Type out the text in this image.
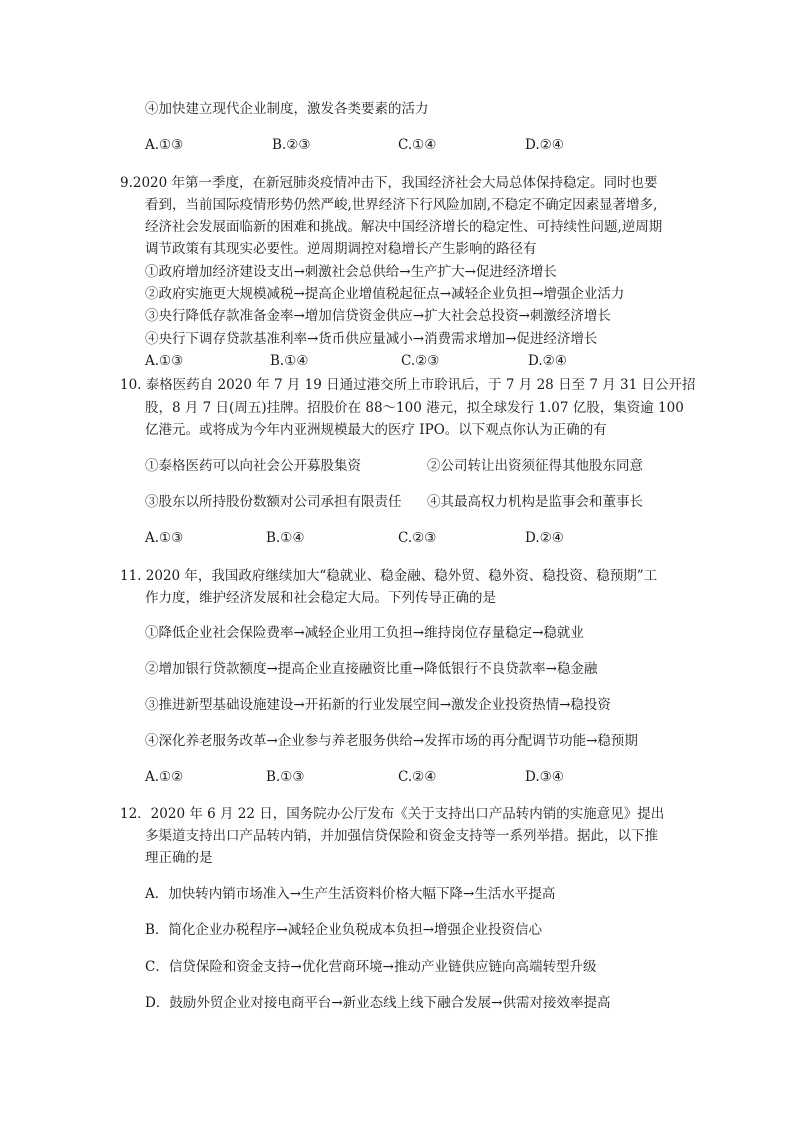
④加快建立现代企业制度，激发各类要素的活力
A.①③	B.②③	C.①④	D.②④
9.2020 年第一季度，在新冠肺炎疫情冲击下，我国经济社会大局总体保持稳定。同时也要
看到，当前国际疫情形势仍然严峻,世界经济下行风险加剧,不稳定不确定因素显著增多,
经济社会发展面临新的困难和挑战。解决中国经济增长的稳定性、可持续性问题,逆周期
调节政策有其现实必要性。逆周期调控对稳增长产生影响的路径有
①政府增加经济建设支出→刺激社会总供给→生产扩大→促进经济增长
②政府实施更大规模减税→提高企业增值税起征点→减轻企业负担→增强企业活力
③央行降低存款准备金率→增加信贷资金供应→扩大社会总投资→刺激经济增长
④央行下调存贷款基准利率→货币供应量减小→消费需求增加→促进经济增长
A.①③	B.①④	C.②③	D.②④
10. 泰格医药自 2020 年 7 月 19 日通过港交所上市聆讯后，于 7 月 28 日至 7 月 31 日公开招
股，8 月 7 日(周五)挂牌。招股价在 88～100 港元，拟全球发行 1.07 亿股，集资逾 100
亿港元。或将成为今年内亚洲规模最大的医疗 IPO。以下观点你认为正确的有
①泰格医药可以向社会公开募股集资	②公司转让出资须征得其他股东同意
③股东以所持股份数额对公司承担有限责任 ④其最高权力机构是监事会和董事长
A.①③	B.①④	C.②③	D.②④
11. 2020 年，我国政府继续加大“稳就业、稳金融、稳外贸、稳外资、稳投资、稳预期”工
作力度，维护经济发展和社会稳定大局。下列传导正确的是
①降低企业社会保险费率→减轻企业用工负担→维持岗位存量稳定→稳就业
②增加银行贷款额度→提高企业直接融资比重→降低银行不良贷款率→稳金融
③推进新型基础设施建设→开拓新的行业发展空间→激发企业投资热情→稳投资
④深化养老服务改革→企业参与养老服务供给→发挥市场的再分配调节功能→稳预期
A.①②	B.①③	C.②④	D.③④
12．2020 年 6 月 22 日，国务院办公厅发布《关于支持出口产品转内销的实施意见》提出
多渠道支持出口产品转内销，并加强信贷保险和资金支持等一系列举措。据此，以下推
理正确的是
A．加快转内销市场准入→生产生活资料价格大幅下降→生活水平提高
B．简化企业办税程序→减轻企业负税成本负担→增强企业投资信心
C．信贷保险和资金支持→优化营商环境→推动产业链供应链向高端转型升级
D．鼓励外贸企业对接电商平台→新业态线上线下融合发展→供需对接效率提高
